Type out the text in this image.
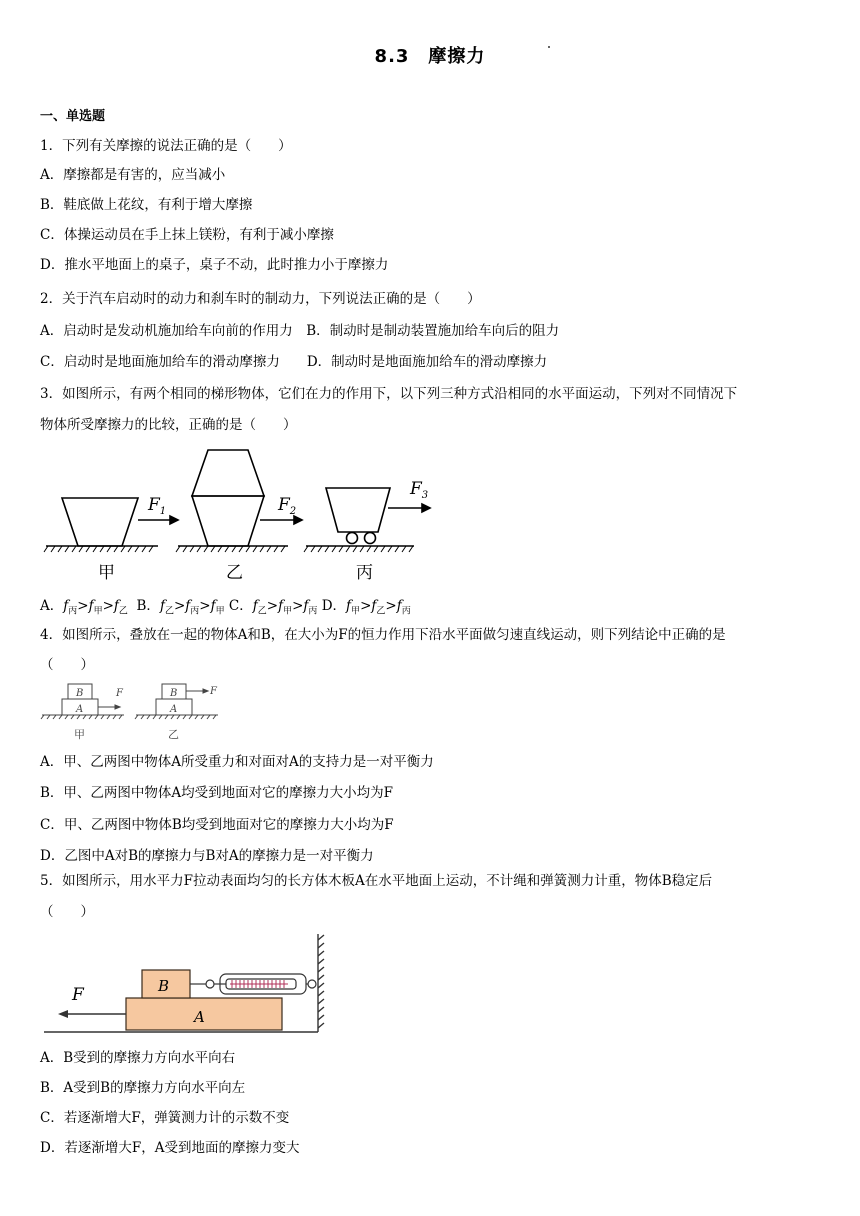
8.3　摩擦力
一、单选题
1．下列有关摩擦的说法正确的是（　　）
A．摩擦都是有害的，应当减小
B．鞋底做上花纹，有利于增大摩擦
C．体操运动员在手上抹上镁粉，有利于减小摩擦
D．推水平地面上的桌子，桌子不动，此时推力小于摩擦力
2．关于汽车启动时的动力和刹车时的制动力，下列说法正确的是（　　）
A．启动时是发动机施加给车向前的作用力　B．制动时是制动装置施加给车向后的阻力
C．启动时是地面施加给车的滑动摩擦力　　D．制动时是地面施加给车的滑动摩擦力
3．如图所示，有两个相同的梯形物体，它们在力的作用下，以下列三种方式沿相同的水平面运动，下列对不同情况下
物体所受摩擦力的比较，正确的是（　　）
$F_1$	$F_2$
$F_3$
甲	乙	丙
A．$f_丙>f_甲>f_乙$ B．$f_乙>f_丙>f_甲$ C．$f_乙>f_甲>f_丙$ D．$f_甲>f_乙>f_丙$
4．如图所示，叠放在一起的物体A和B，在大小为F的恒力作用下沿水平面做匀速直线运动，则下列结论中正确的是
（　　）
B
A
F	B
A
F
甲	乙
A．甲、乙两图中物体A所受重力和对面对A的支持力是一对平衡力
B．甲、乙两图中物体A均受到地面对它的摩擦力大小均为F
C．甲、乙两图中物体B均受到地面对它的摩擦力大小均为F
D．乙图中A对B的摩擦力与B对A的摩擦力是一对平衡力
5．如图所示，用水平力F拉动表面均匀的长方体木板A在水平地面上运动，不计绳和弹簧测力计重，物体B稳定后
（　　）
F	B
A
A．B受到的摩擦力方向水平向右
B．A受到B的摩擦力方向水平向左
C．若逐渐增大F，弹簧测力计的示数不变
D．若逐渐增大F，A受到地面的摩擦力变大
